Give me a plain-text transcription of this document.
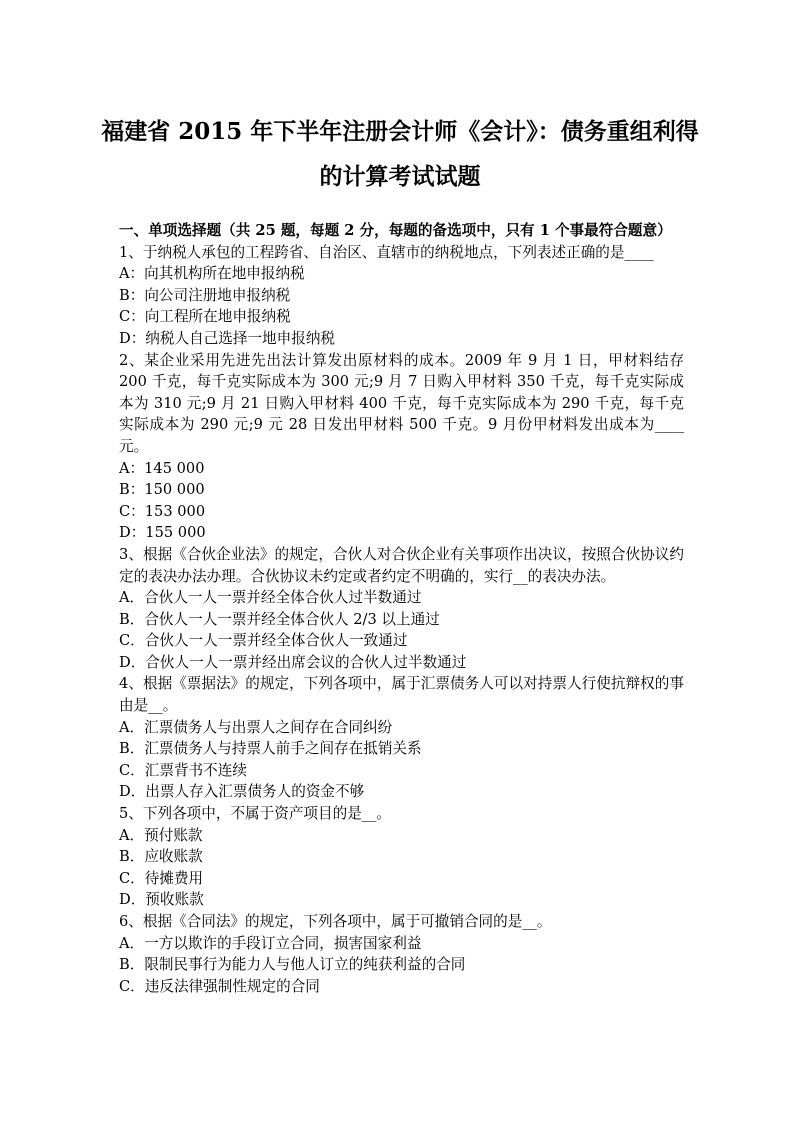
福建省 2015 年下半年注册会计师《会计》：债务重组利得
的计算考试试题

一、单项选择题（共 25 题，每题 2 分，每题的备选项中，只有 1 个事最符合题意）

1、于纳税人承包的工程跨省、自治区、直辖市的纳税地点，下列表述正确的是____

A：向其机构所在地申报纳税

B：向公司注册地申报纳税

C：向工程所在地申报纳税

D：纳税人自己选择一地申报纳税

2、某企业采用先进先出法计算发出原材料的成本。2009 年 9 月 1 日，甲材料结存 200 千克，每千克实际成本为 300 元;9 月 7 日购入甲材料 350 千克，每千克实际成本为 310 元;9 月 21 日购入甲材料 400 千克，每千克实际成本为 290 千克，每千克实际成本为 290 元;9 元 28 日发出甲材料 500 千克。9 月份甲材料发出成本为____元。

A：145 000

B：150 000

C：153 000

D：155 000

3、根据《合伙企业法》的规定，合伙人对合伙企业有关事项作出决议，按照合伙协议约定的表决办法办理。合伙协议未约定或者约定不明确的，实行__的表决办法。

A．合伙人一人一票并经全体合伙人过半数通过

B．合伙人一人一票并经全体合伙人 2/3 以上通过

C．合伙人一人一票并经全体合伙人一致通过

D．合伙人一人一票并经出席会议的合伙人过半数通过

4、根据《票据法》的规定，下列各项中，属于汇票债务人可以对持票人行使抗辩权的事由是__。

A．汇票债务人与出票人之间存在合同纠纷

B．汇票债务人与持票人前手之间存在抵销关系

C．汇票背书不连续

D．出票人存入汇票债务人的资金不够

5、下列各项中，不属于资产项目的是__。

A．预付账款

B．应收账款

C．待摊费用

D．预收账款

6、根据《合同法》的规定，下列各项中，属于可撤销合同的是__。

A．一方以欺诈的手段订立合同，损害国家利益

B．限制民事行为能力人与他人订立的纯获利益的合同

C．违反法律强制性规定的合同
